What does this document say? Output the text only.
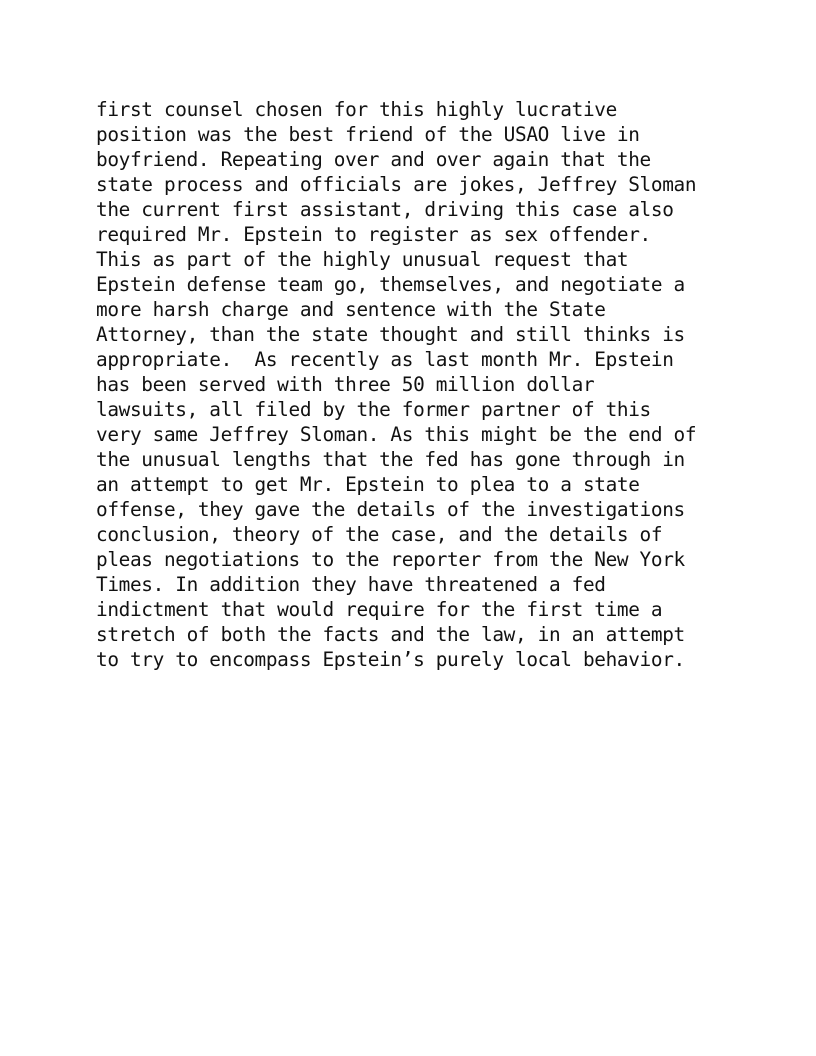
first counsel chosen for this highly lucrative
position was the best friend of the USAO live in
boyfriend. Repeating over and over again that the
state process and officials are jokes, Jeffrey Sloman
the current first assistant, driving this case also
required Mr. Epstein to register as sex offender.
This as part of the highly unusual request that
Epstein defense team go, themselves, and negotiate a
more harsh charge and sentence with the State
Attorney, than the state thought and still thinks is
appropriate.  As recently as last month Mr. Epstein
has been served with three 50 million dollar
lawsuits, all filed by the former partner of this
very same Jeffrey Sloman. As this might be the end of
the unusual lengths that the fed has gone through in
an attempt to get Mr. Epstein to plea to a state
offense, they gave the details of the investigations
conclusion, theory of the case, and the details of
pleas negotiations to the reporter from the New York
Times. In addition they have threatened a fed
indictment that would require for the first time a
stretch of both the facts and the law, in an attempt
to try to encompass Epstein’s purely local behavior.
